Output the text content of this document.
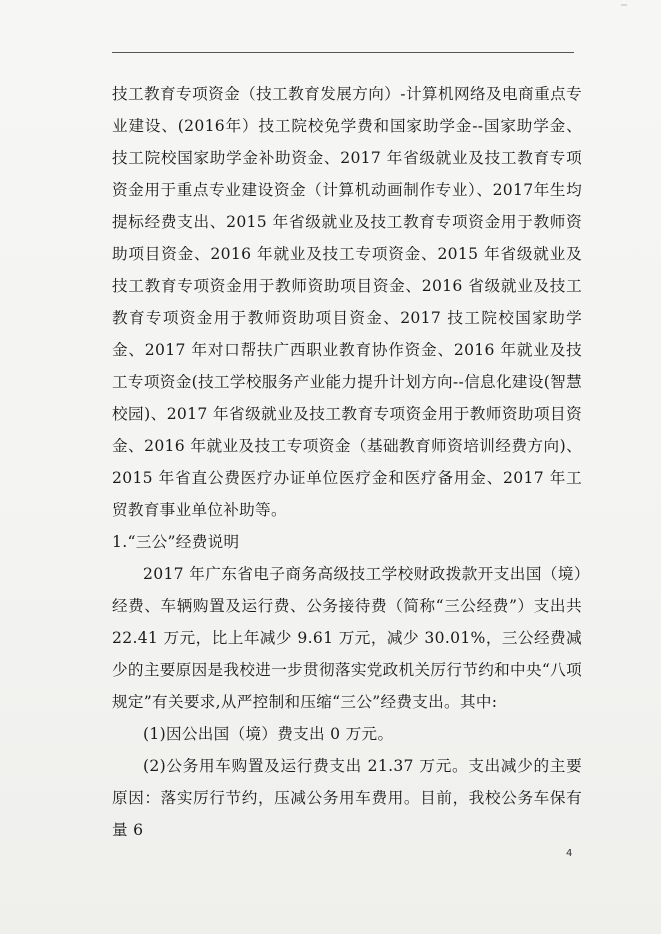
技工教育专项资金（技工教育发展方向）-计算机网络及电商重点专业建设、(2016年）技工院校免学费和国家助学金--国家助学金、技工院校国家助学金补助资金、2017 年省级就业及技工教育专项资金用于重点专业建设资金（计算机动画制作专业）、2017年生均提标经费支出、2015 年省级就业及技工教育专项资金用于教师资助项目资金、2016 年就业及技工专项资金、2015 年省级就业及技工教育专项资金用于教师资助项目资金、2016 省级就业及技工教育专项资金用于教师资助项目资金、2017 技工院校国家助学金、2017 年对口帮扶广西职业教育协作资金、2016 年就业及技工专项资金(技工学校服务产业能力提升计划方向--信息化建设(智慧校园)、2017 年省级就业及技工教育专项资金用于教师资助项目资金、2016 年就业及技工专项资金（基础教育师资培训经费方向)、2015 年省直公费医疗办证单位医疗金和医疗备用金、2017 年工贸教育事业单位补助等。

1.“三公”经费说明

2017 年广东省电子商务高级技工学校财政拨款开支出国（境）经费、车辆购置及运行费、公务接待费（简称“三公经费”）支出共 22.41 万元，比上年减少 9.61 万元，减少 30.01%，三公经费减少的主要原因是我校进一步贯彻落实党政机关厉行节约和中央“八项规定”有关要求,从严控制和压缩“三公”经费支出。其中:

(1)因公出国（境）费支出 0 万元。

(2)公务用车购置及运行费支出 21.37 万元。支出减少的主要原因：落实厉行节约，压减公务用车费用。目前，我校公务车保有量 6

4
